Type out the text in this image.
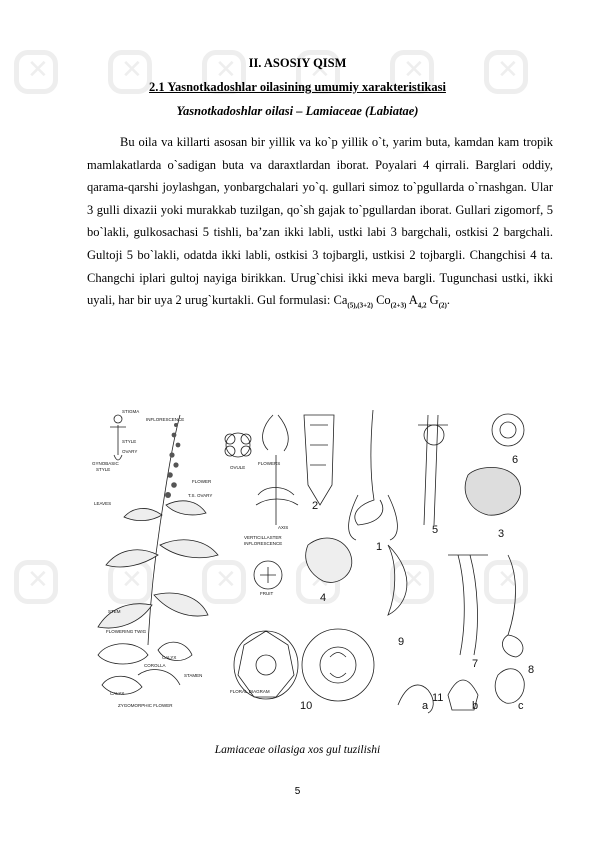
✕
✕
✕
✕
✕
✕
✕
✕
✕
✕
✕
✕
II. ASOSIY QISM
2.1 Yasnotkadoshlar oilasining umumiy xarakteristikasi
Yasnotkadoshlar oilasi – Lamiaceae (Labiatae)

Bu oila va killarti asosan bir yillik va ko`p yillik o`t, yarim buta, kamdan kam tropik mamlakatlarda o`sadigan buta va daraxtlardan iborat. Poyalari 4 qirrali. Barglari oddiy, qarama-qarshi joylashgan, yonbargchalari yo`q. gullari simoz to`pgullarda o`rnashgan. Ular 3 gulli dixazii yoki murakkab tuzilgan, qo`sh gajak to`pgullardan iborat. Gullari zigomorf, 5 bo`lakli, gulkosachasi 5 tishli, ba’zan ikki labli, ustki labi 3 bargchali, ostkisi 2 bargchali. Gultoji 5 bo`lakli, odatda ikki labli, ostkisi 3 tojbargli, ustkisi 2 tojbargli. Changchisi 4 ta. Changchi iplari gultoj nayiga birikkan. Urug`chisi ikki meva bargli. Tugunchasi ustki, ikki uyali, har bir uya 2 urug`kurtakli. Gul formulasi: $Ca_{(5),(3+2)}$ $Co_{(2+3)}$ $A_{4,2}$ $G_{(2)}$.

STIGMA
INFLORESCENCE
STYLE
OVARY
GYNOBASIC
STYLE
LEAVES
FLOWER
T.S. OVARY
OVULE
FLOWERS
AXIS
VERTICILLASTER
INFLORESCENCE
STEM
FRUIT
FLOWERING TWIG
CALYX
COROLLA
STAMEN
CALYX
ZYGOMORPHIC FLOWER
FLORAL DIAGRAM
1
2
3
4
5
6
7	8
9
10
11
a	b	c
Lamiaceae oilasiga xos gul tuzilishi
5
